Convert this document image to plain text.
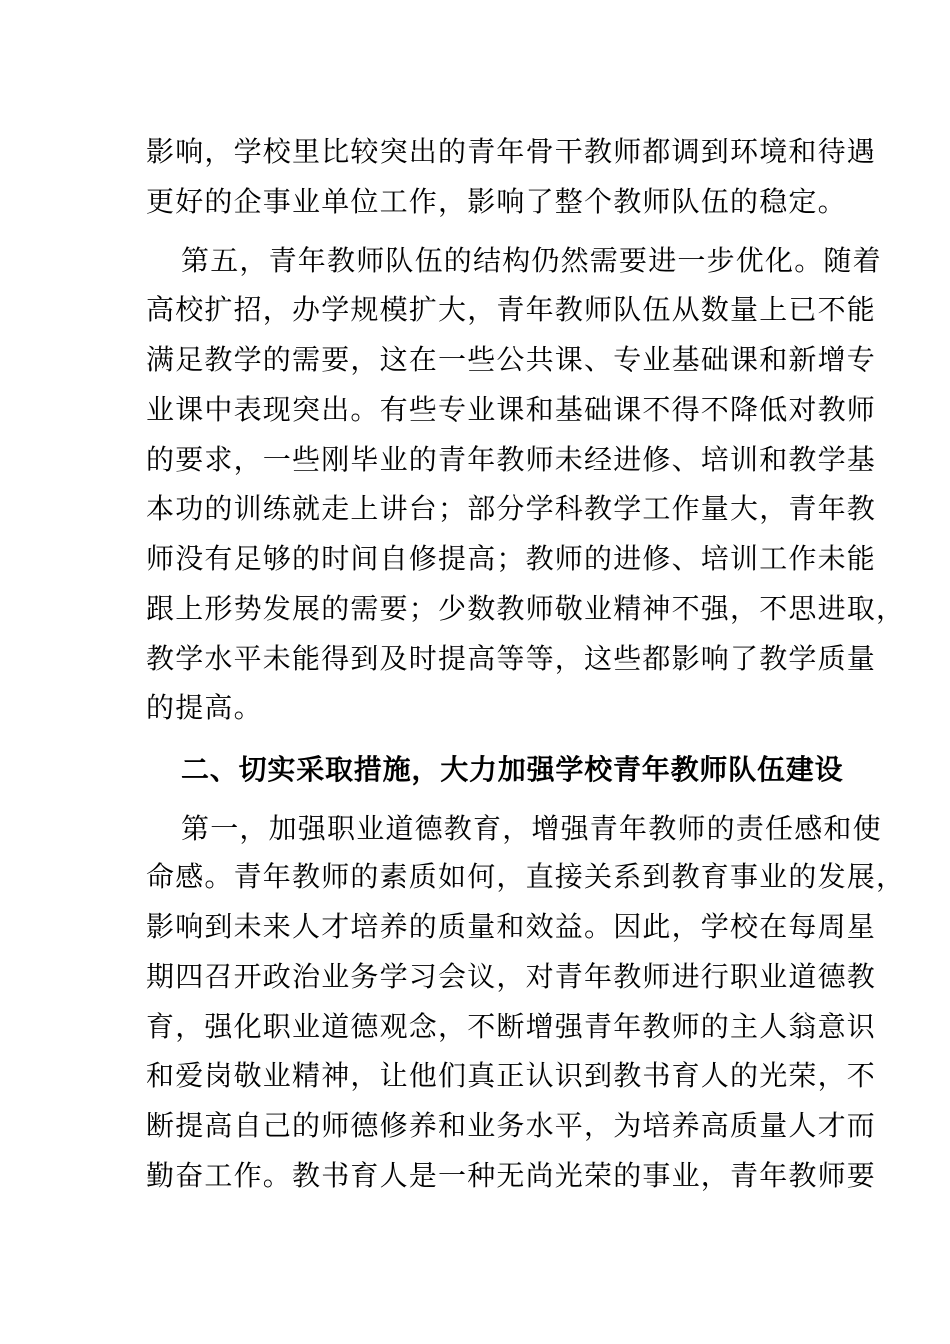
影响，学校里比较突出的青年骨干教师都调到环境和待遇
更好的企事业单位工作，影响了整个教师队伍的稳定。
第五，青年教师队伍的结构仍然需要进一步优化。随着
高校扩招，办学规模扩大，青年教师队伍从数量上已不能
满足教学的需要，这在一些公共课、专业基础课和新增专
业课中表现突出。有些专业课和基础课不得不降低对教师
的要求，一些刚毕业的青年教师未经进修、培训和教学基
本功的训练就走上讲台；部分学科教学工作量大，青年教
师没有足够的时间自修提高；教师的进修、培训工作未能
跟上形势发展的需要；少数教师敬业精神不强，不思进取，
教学水平未能得到及时提高等等，这些都影响了教学质量
的提高。
二、切实采取措施，大力加强学校青年教师队伍建设
第一，加强职业道德教育，增强青年教师的责任感和使
命感。青年教师的素质如何，直接关系到教育事业的发展，
影响到未来人才培养的质量和效益。因此，学校在每周星
期四召开政治业务学习会议，对青年教师进行职业道德教
育，强化职业道德观念，不断增强青年教师的主人翁意识
和爱岗敬业精神，让他们真正认识到教书育人的光荣，不
断提高自己的师德修养和业务水平，为培养高质量人才而
勤奋工作。教书育人是一种无尚光荣的事业，青年教师要
